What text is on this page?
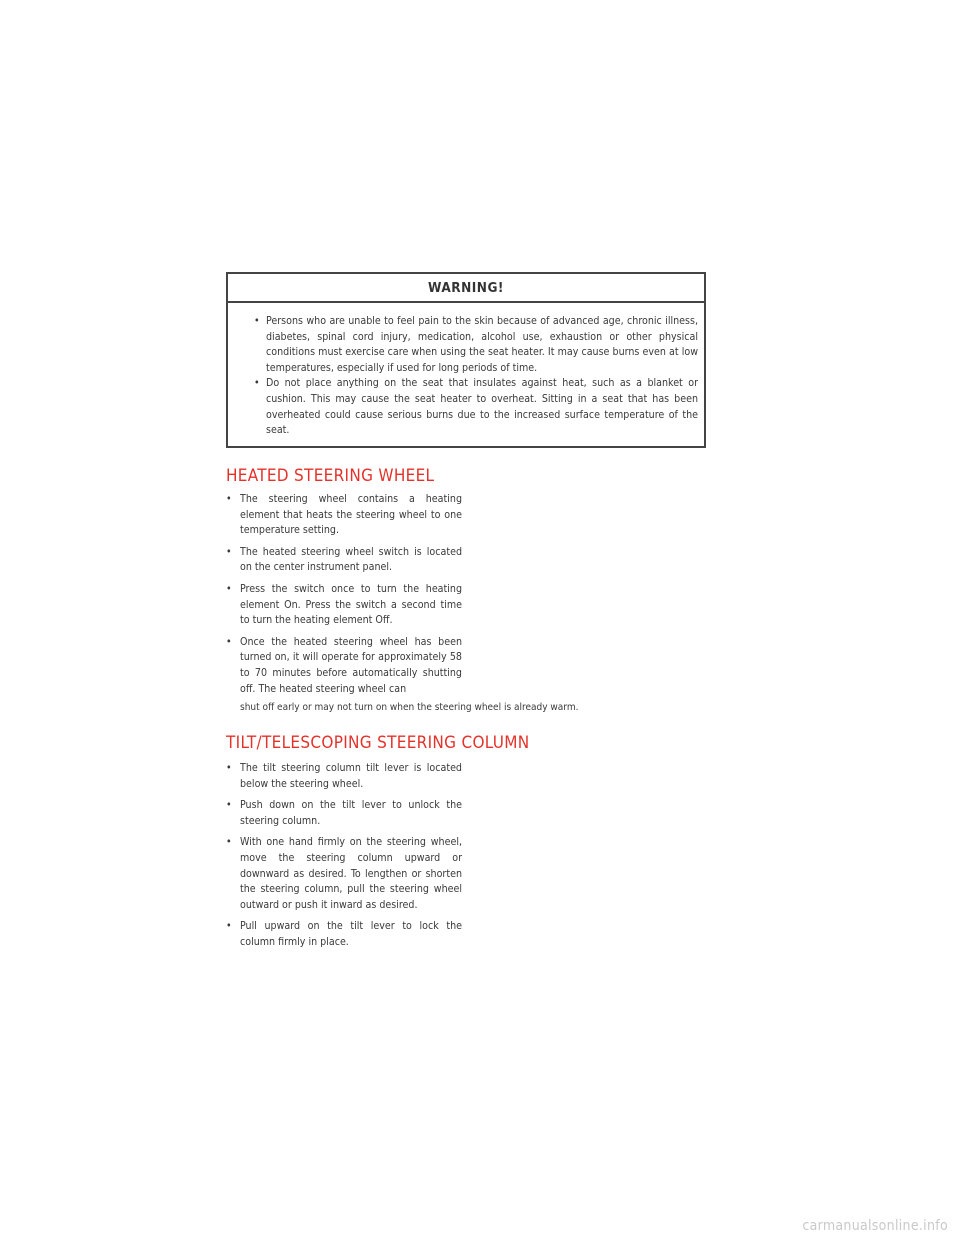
WARNING!
• Persons who are unable to feel pain to the skin because of advanced age, chronic illness, diabetes, spinal cord injury, medication, alcohol use, exhaustion or other physical conditions must exercise care when using the seat heater. It may cause burns even at low temperatures, especially if used for long periods of time.
• Do not place anything on the seat that insulates against heat, such as a blanket or cushion. This may cause the seat heater to overheat. Sitting in a seat that has been overheated could cause serious burns due to the increased surface temperature of the seat.
HEATED STEERING WHEEL
• The steering wheel contains a heating element that heats the steering wheel to one temperature setting.
• The heated steering wheel switch is located on the center instrument panel.
• Press the switch once to turn the heating element On. Press the switch a second time to turn the heating element Off.
• Once the heated steering wheel has been turned on, it will operate for approximately 58 to 70 minutes before automatically shutting off. The heated steering wheel can
shut off early or may not turn on when the steering wheel is already warm.
TILT/TELESCOPING STEERING COLUMN
• The tilt steering column tilt lever is located below the steering wheel.
• Push down on the tilt lever to unlock the steering column.
• With one hand firmly on the steering wheel, move the steering column upward or downward as desired. To lengthen or shorten the steering column, pull the steering wheel outward or push it inward as desired.
• Pull upward on the tilt lever to lock the column firmly in place.
carmanualsonline.info
